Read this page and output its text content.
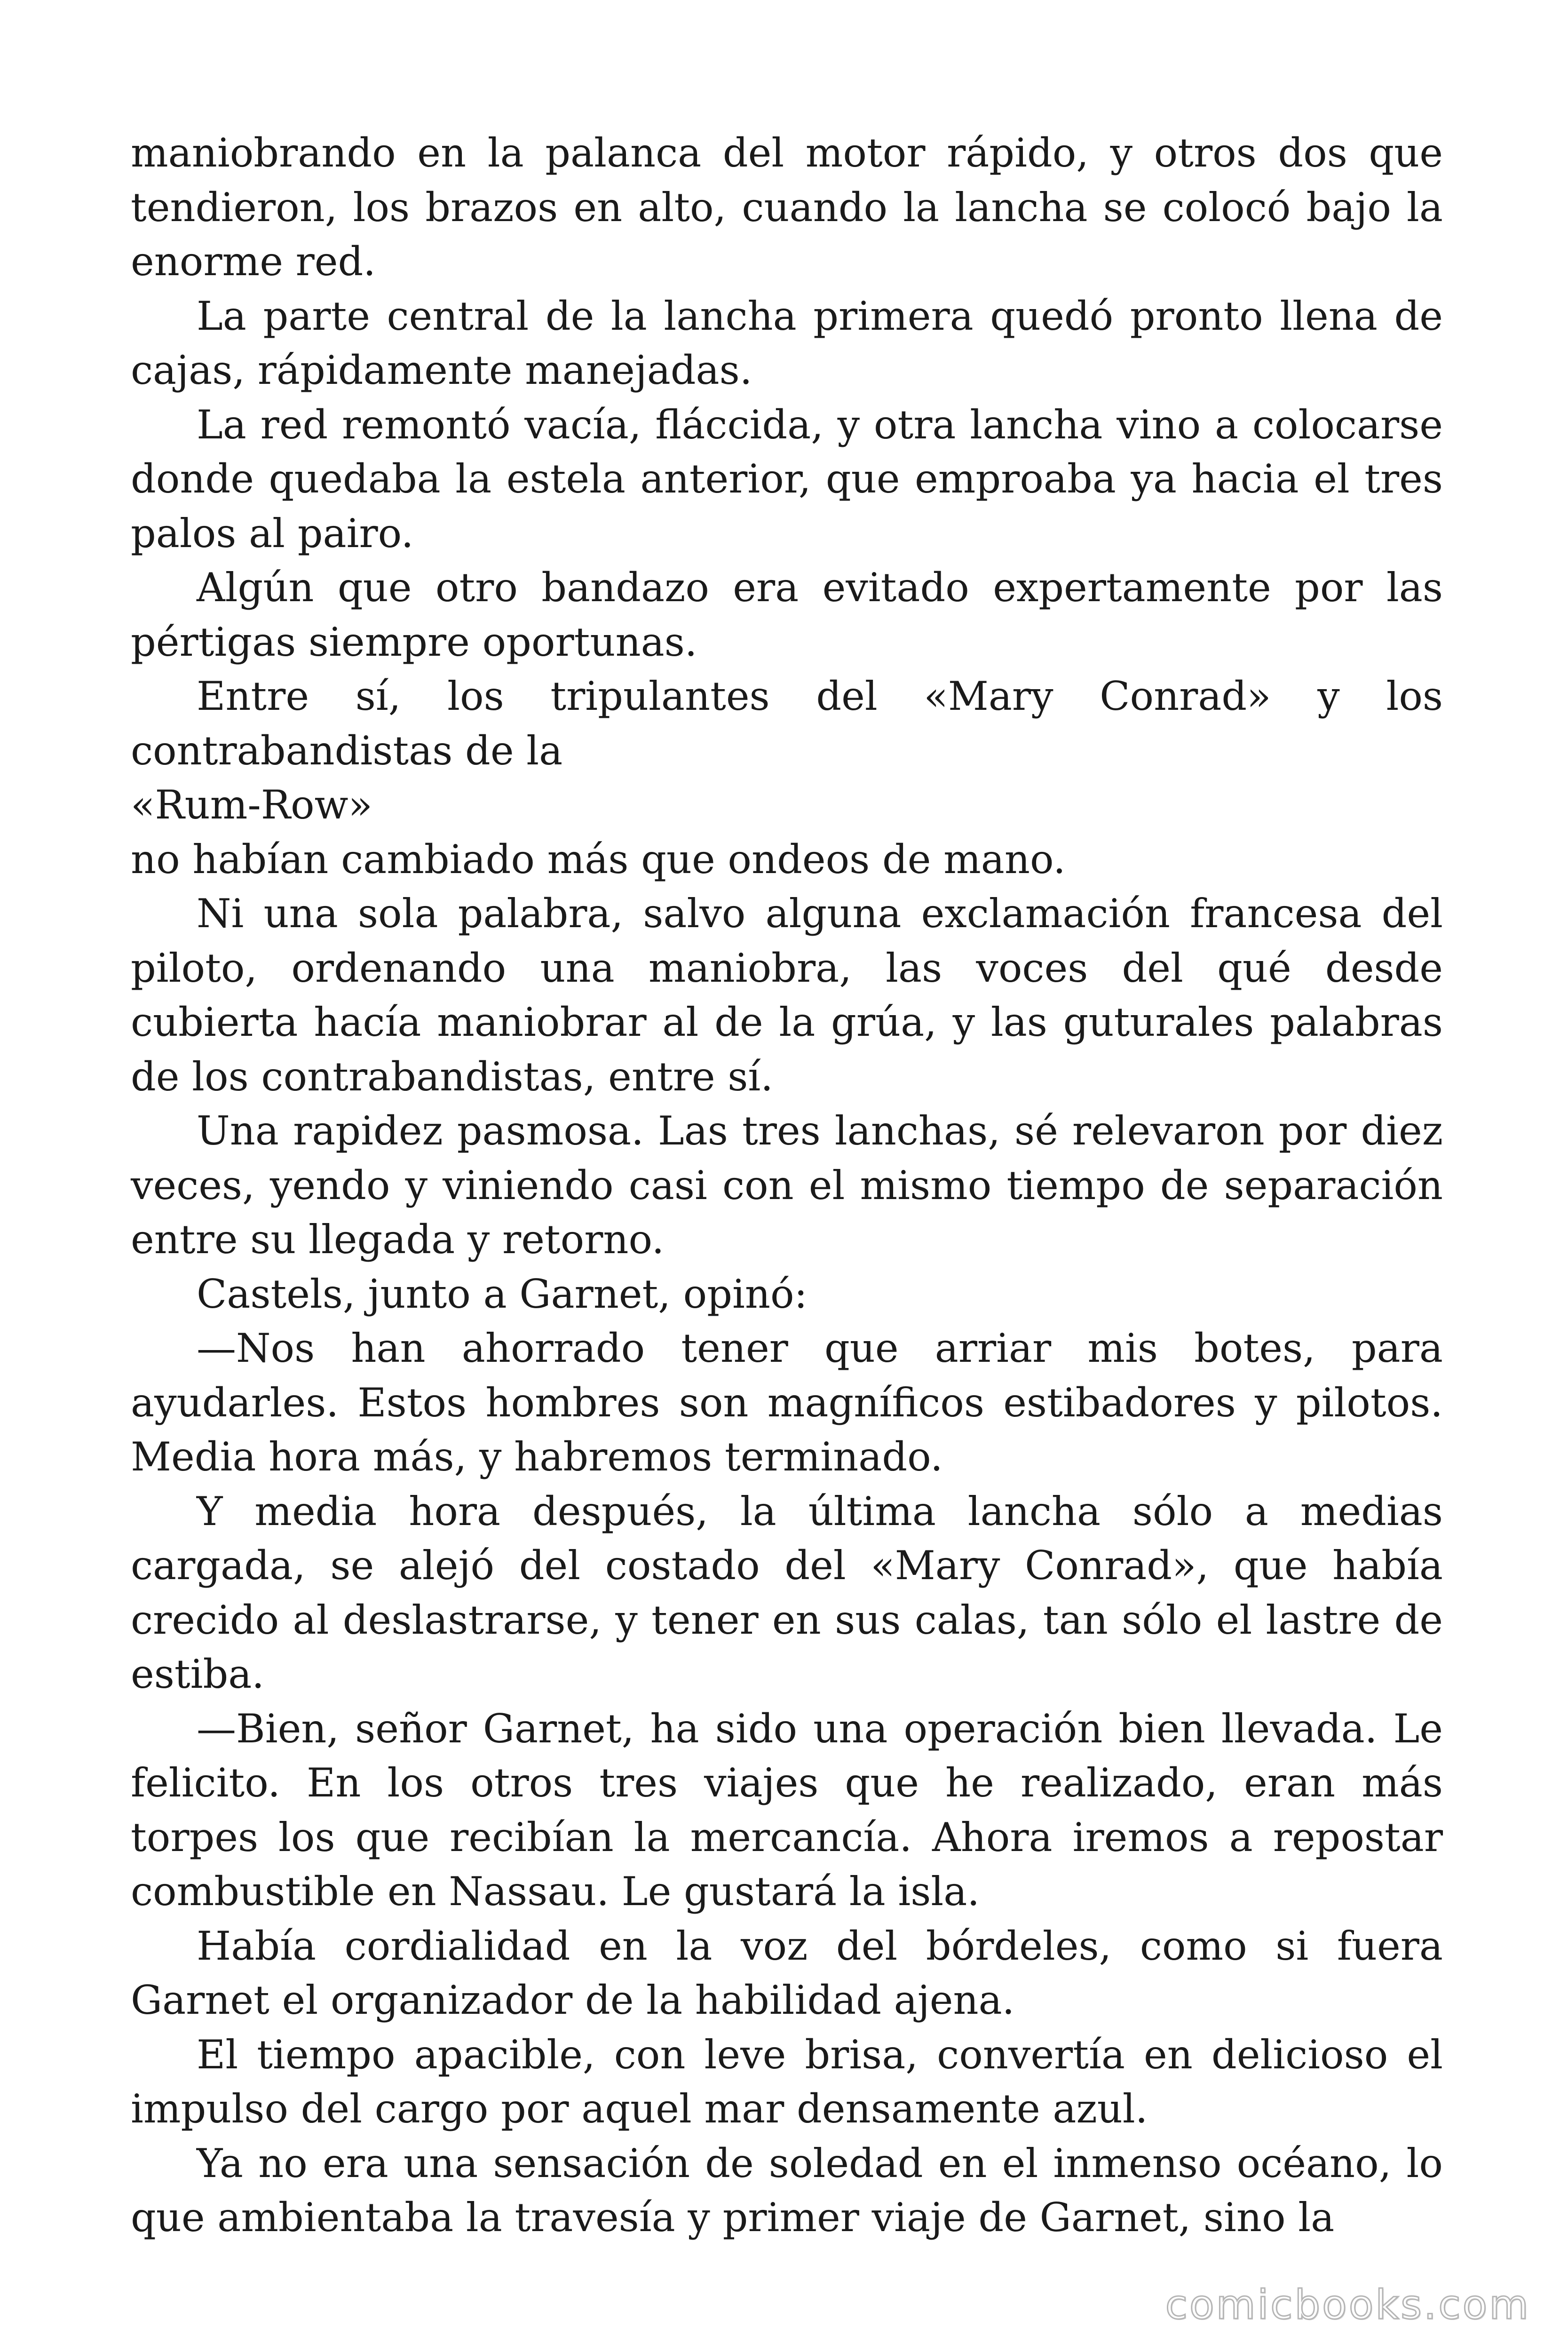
maniobrando en la palanca del motor rápido, y otros dos que tendieron, los brazos en alto, cuando la lancha se colocó bajo la enorme red.

La parte central de la lancha primera quedó pronto llena de cajas, rápidamente manejadas.

La red remontó vacía, fláccida, y otra lancha vino a colocarse donde quedaba la estela anterior, que emproaba ya hacia el tres palos al pairo.

Algún que otro bandazo era evitado expertamente por las pértigas siempre oportunas.

Entre sí, los tripulantes del «Mary Conrad» y los contrabandistas de la

«Rum-Row»

no habían cambiado más que ondeos de mano.

Ni una sola palabra, salvo alguna exclamación francesa del piloto, ordenando una maniobra, las voces del qué desde cubierta hacía maniobrar al de la grúa, y las guturales palabras de los contrabandistas, entre sí.

Una rapidez pasmosa. Las tres lanchas, sé relevaron por diez veces, yendo y viniendo casi con el mismo tiempo de separación entre su llegada y retorno.

Castels, junto a Garnet, opinó:

—Nos han ahorrado tener que arriar mis botes, para ayudarles. Estos hombres son magníficos estibadores y pilotos. Media hora más, y habremos terminado.

Y media hora después, la última lancha sólo a medias cargada, se alejó del costado del «Mary Conrad», que había crecido al deslastrarse, y tener en sus calas, tan sólo el lastre de estiba.

—Bien, señor Garnet, ha sido una operación bien llevada. Le felicito. En los otros tres viajes que he realizado, eran más torpes los que recibían la mercancía. Ahora iremos a repostar combustible en Nassau. Le gustará la isla.

Había cordialidad en la voz del bórdeles, como si fuera Garnet el organizador de la habilidad ajena.

El tiempo apacible, con leve brisa, convertía en delicioso el impulso del cargo por aquel mar densamente azul.

Ya no era una sensación de soledad en el inmenso océano, lo que ambientaba la travesía y primer viaje de Garnet, sino la

comicbooks.com
